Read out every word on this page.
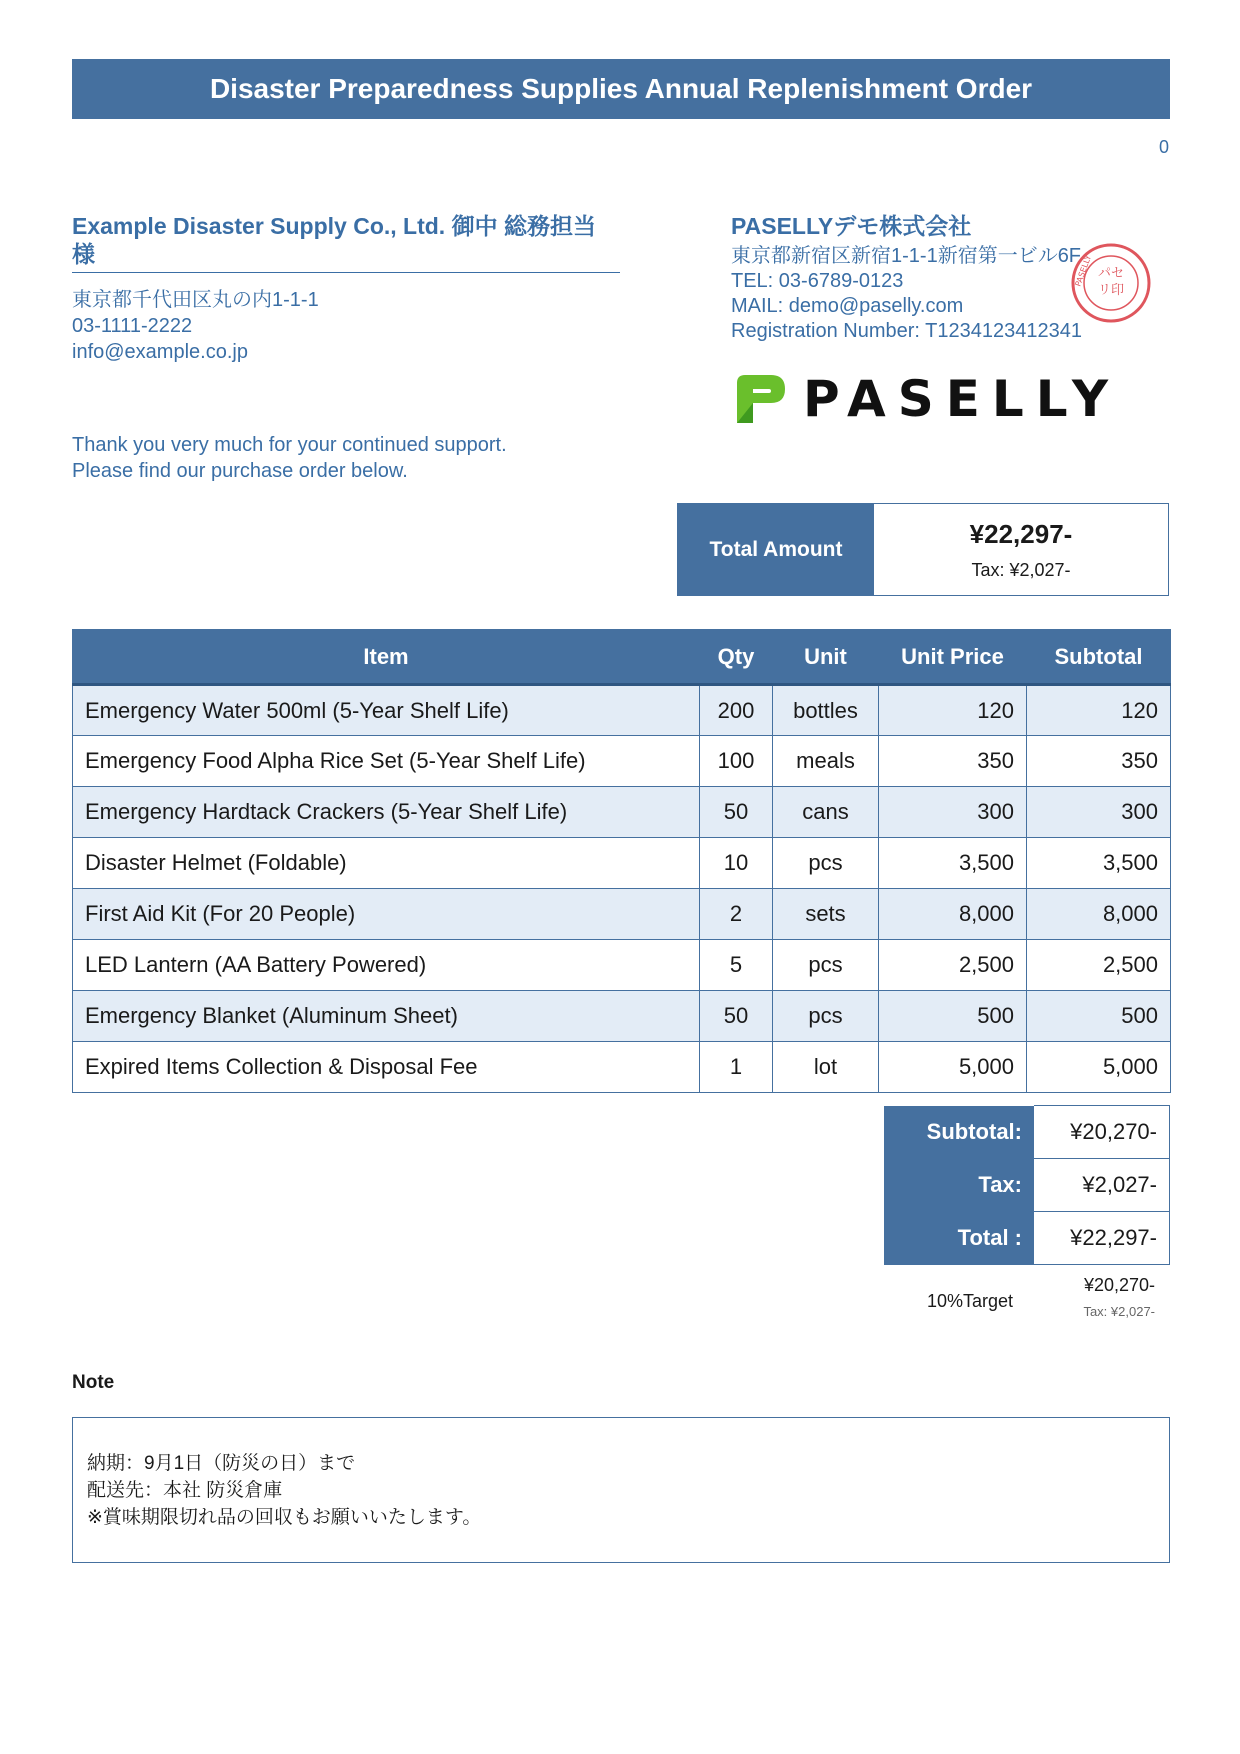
Disaster Preparedness Supplies Annual Replenishment Order
0
Example Disaster Supply Co., Ltd. 御中 総務担当 様
東京都千代田区丸の内1-1-1
03-1111-2222
info@example.co.jp
Thank you very much for your continued support.
Please find our purchase order below.
PASELLYデモ株式会社
東京都新宿区新宿1-1-1新宿第一ビル6F
TEL: 03-6789-0123
MAIL: demo@paselly.com
Registration Number: T1234123412341
パセ
リ印
PASELLY
PASELLY
Total Amount
¥22,297-
Tax: ¥2,027-
Item	Qty	Unit	Unit Price	Subtotal
Emergency Water 500ml (5-Year Shelf Life)	200	bottles	120	120
Emergency Food Alpha Rice Set (5-Year Shelf Life)	100	meals	350	350
Emergency Hardtack Crackers (5-Year Shelf Life)	50	cans	300	300
Disaster Helmet (Foldable)	10	pcs	3,500	3,500
First Aid Kit (For 20 People)	2	sets	8,000	8,000
LED Lantern (AA Battery Powered)	5	pcs	2,500	2,500
Emergency Blanket (Aluminum Sheet)	50	pcs	500	500
Expired Items Collection & Disposal Fee	1	lot	5,000	5,000
Subtotal:	¥20,270-
Tax:	¥2,027-
Total :	¥22,297-
10%Target
¥20,270-
Tax: ¥2,027-
Note
納期：9月1日（防災の日）まで
配送先：本社 防災倉庫
※賞味期限切れ品の回収もお願いいたします。
